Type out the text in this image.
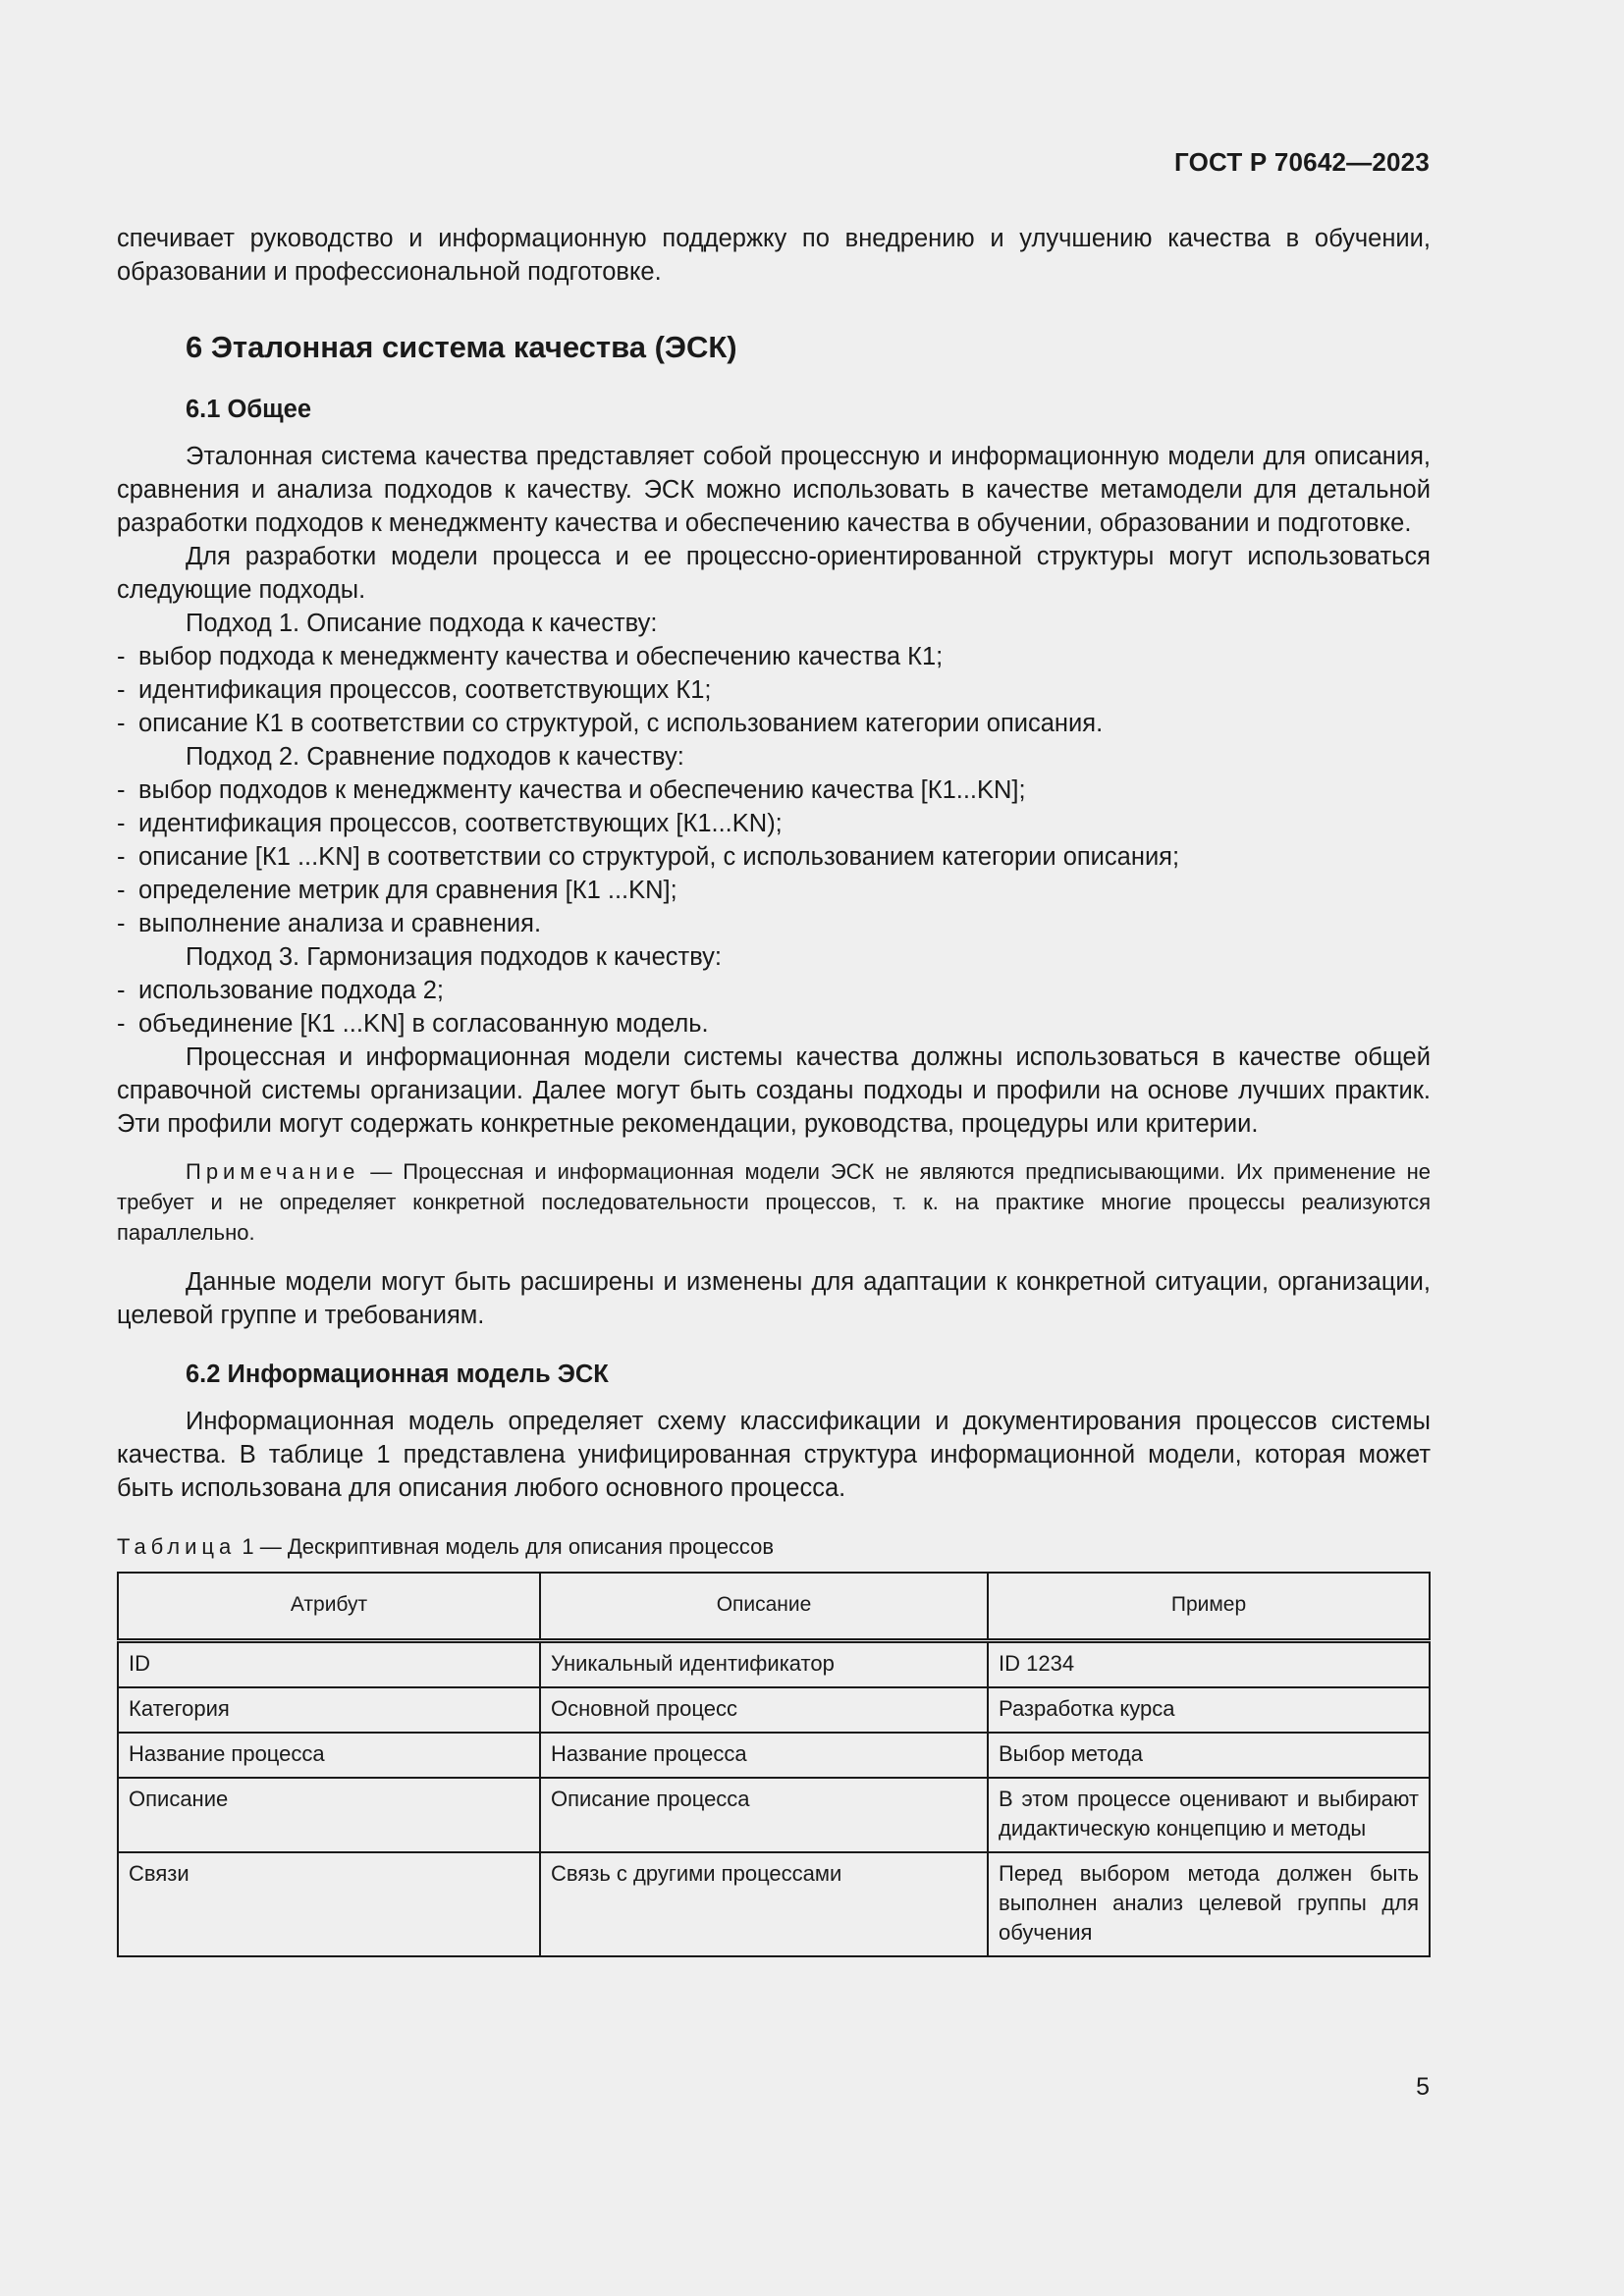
ГОСТ Р 70642—2023

спечивает руководство и информационную поддержку по внедрению и улучшению качества в обучении, образовании и профессиональной подготовке.

6 Эталонная система качества (ЭСК)
6.1 Общее

Эталонная система качества представляет собой процессную и информационную модели для описания, сравнения и анализа подходов к качеству. ЭСК можно использовать в качестве метамодели для детальной разработки подходов к менеджменту качества и обеспечению качества в обучении, образовании и подготовке.

Для разработки модели процесса и ее процессно-ориентированной структуры могут использоваться следующие подходы.

Подход 1. Описание подхода к качеству:
- выбор подхода к менеджменту качества и обеспечению качества К1;
- идентификация процессов, соответствующих К1;
- описание К1 в соответствии со структурой, с использованием категории описания.
Подход 2. Сравнение подходов к качеству:
- выбор подходов к менеджменту качества и обеспечению качества [К1...KN];
- идентификация процессов, соответствующих [К1...KN);
- описание [К1 ...KN] в соответствии со структурой, с использованием категории описания;
- определение метрик для сравнения [К1 ...KN];
- выполнение анализа и сравнения.
Подход 3. Гармонизация подходов к качеству:
- использование подхода 2;
- объединение [К1 ...KN] в согласованную модель.

Процессная и информационная модели системы качества должны использоваться в качестве общей справочной системы организации. Далее могут быть созданы подходы и профили на основе лучших практик. Эти профили могут содержать конкретные рекомендации, руководства, процедуры или критерии.

Примечание — Процессная и информационная модели ЭСК не являются предписывающими. Их применение не требует и не определяет конкретной последовательности процессов, т. к. на практике многие процессы реализуются параллельно.

Данные модели могут быть расширены и изменены для адаптации к конкретной ситуации, организации, целевой группе и требованиям.

6.2 Информационная модель ЭСК

Информационная модель определяет схему классификации и документирования процессов системы качества. В таблице 1 представлена унифицированная структура информационной модели, которая может быть использована для описания любого основного процесса.

Таблица 1 — Дескриптивная модель для описания процессов
Атрибут	Описание	Пример
ID	Уникальный идентификатор	ID 1234
Категория	Основной процесс	Разработка курса
Название процесса	Название процесса	Выбор метода
Описание	Описание процесса	В этом процессе оценивают и выбирают дидактическую концепцию и методы
Связи	Связь с другими процессами	Перед выбором метода должен быть выполнен анализ целевой группы для обучения
5
